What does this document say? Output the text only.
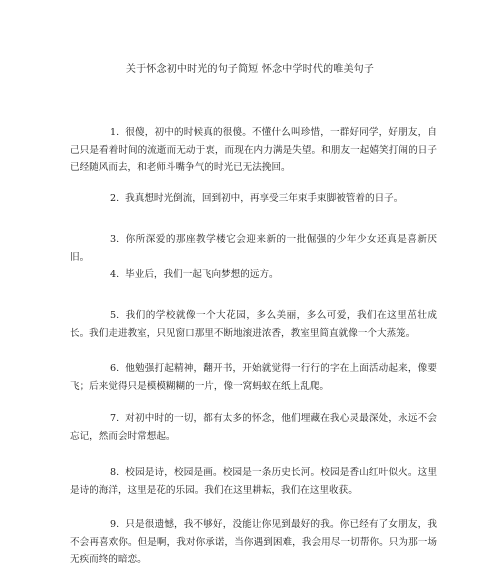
关于怀念初中时光的句子简短 怀念中学时代的唯美句子
1. 很傻，初中的时候真的很傻。不懂什么叫珍惜，一群好同学，好朋友，自己只是看着时间的流逝而无动于衷，而现在内力满是失望。和朋友一起嬉笑打闹的日子已经随风而去，和老师斗嘴争气的时光已无法挽回。
2. 我真想时光倒流，回到初中，再享受三年束手束脚被管着的日子。
3. 你所深爱的那座教学楼它会迎来新的一批倔强的少年少女还真是喜新厌旧。
4. 毕业后，我们一起飞向梦想的远方。
5. 我们的学校就像一个大花园，多么美丽，多么可爱，我们在这里茁壮成长。我们走进教室，只见窗口那里不断地滚进浓香，教室里简直就像一个大蒸笼。
6. 他勉强打起精神，翻开书，开始就觉得一行行的字在上面活动起来，像要飞；后来觉得只是模模糊糊的一片，像一窝蚂蚁在纸上乱爬。
7. 对初中时的一切，都有太多的怀念，他们埋藏在我心灵最深处，永远不会忘记，然而会时常想起。
8. 校园是诗，校园是画。校园是一条历史长河。校园是香山红叶似火。这里是诗的海洋，这里是花的乐园。我们在这里耕耘，我们在这里收获。
9. 只是很遗憾，我不够好，没能让你见到最好的我。你已经有了女朋友，我不会再喜欢你。但是啊，我对你承诺，当你遇到困难，我会用尽一切帮你。只为那一场无疾而终的暗恋。
